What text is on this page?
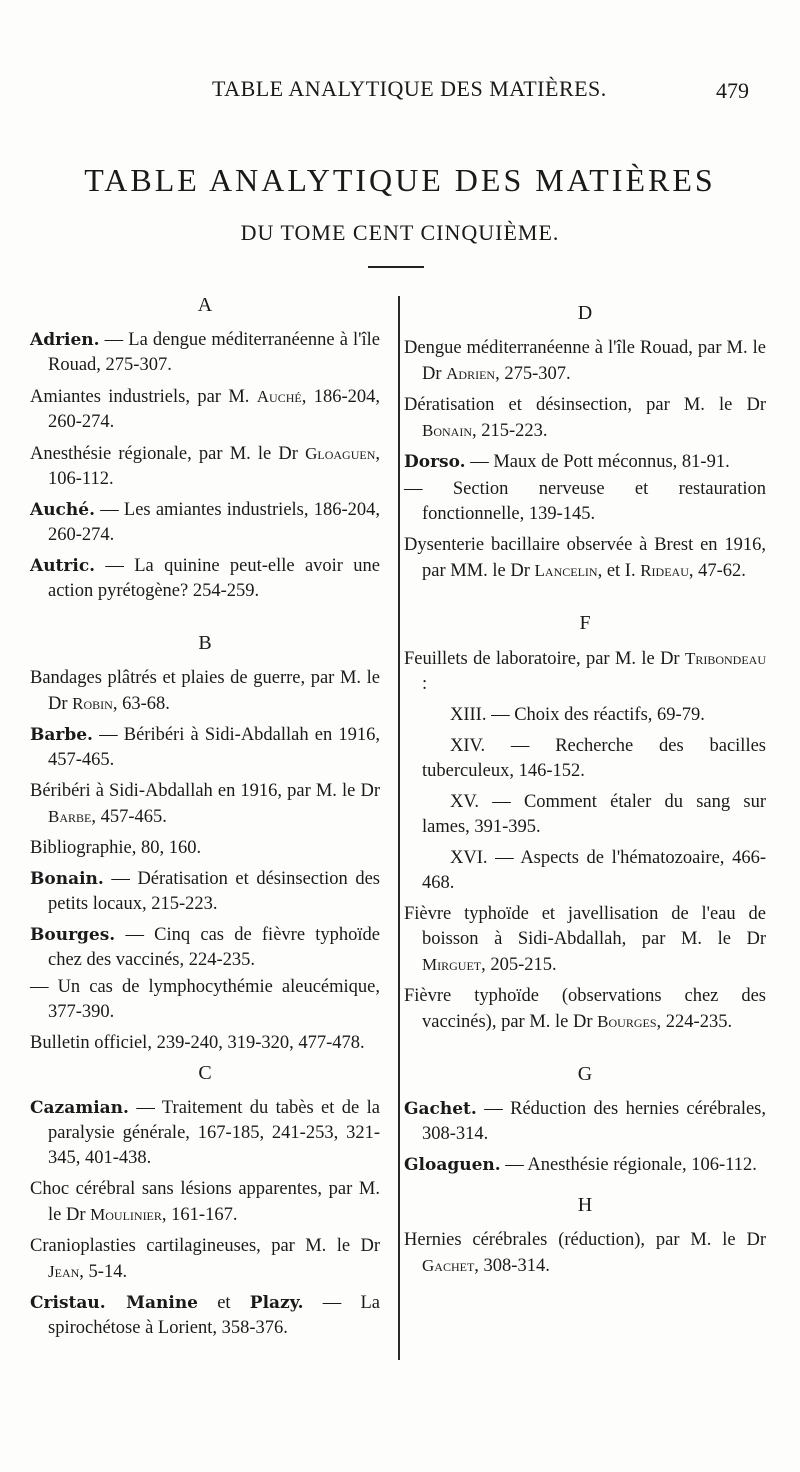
TABLE ANALYTIQUE DES MATIÈRES.	479
TABLE ANALYTIQUE DES MATIÈRES
DU TOME CENT CINQUIÈME.
A
Adrien. — La dengue méditerranéenne à l'île Rouad, 275-307.
Amiantes industriels, par M. Auché, 186-204, 260-274.
Anesthésie régionale, par M. le Dr Gloaguen, 106-112.
Auché. — Les amiantes industriels, 186-204, 260-274.
Autric. — La quinine peut-elle avoir une action pyrétogène? 254-259.
B
Bandages plâtrés et plaies de guerre, par M. le Dr Robin, 63-68.
Barbe. — Béribéri à Sidi-Abdallah en 1916, 457-465.
Béribéri à Sidi-Abdallah en 1916, par M. le Dr Barbe, 457-465.
Bibliographie, 80, 160.
Bonain. — Dératisation et désinsection des petits locaux, 215-223.
Bourges. — Cinq cas de fièvre typhoïde chez des vaccinés, 224-235.
— Un cas de lymphocythémie aleucémique, 377-390.
Bulletin officiel, 239-240, 319-320, 477-478.
C
Cazamian. — Traitement du tabès et de la paralysie générale, 167-185, 241-253, 321-345, 401-438.
Choc cérébral sans lésions apparentes, par M. le Dr Moulinier, 161-167.
Cranioplasties cartilagineuses, par M. le Dr Jean, 5-14.
Cristau. Manine et Plazy. — La spirochétose à Lorient, 358-376.
D
Dengue méditerranéenne à l'île Rouad, par M. le Dr Adrien, 275-307.
Dératisation et désinsection, par M. le Dr Bonain, 215-223.
Dorso. — Maux de Pott méconnus, 81-91.
— Section nerveuse et restauration fonctionnelle, 139-145.
Dysenterie bacillaire observée à Brest en 1916, par MM. le Dr Lancelin, et I. Rideau, 47-62.
F
Feuillets de laboratoire, par M. le Dr Tribondeau :
XIII. — Choix des réactifs, 69-79.
XIV. — Recherche des bacilles tuberculeux, 146-152.
XV. — Comment étaler du sang sur lames, 391-395.
XVI. — Aspects de l'hématozoaire, 466-468.
Fièvre typhoïde et javellisation de l'eau de boisson à Sidi-Abdallah, par M. le Dr Mirguet, 205-215.
Fièvre typhoïde (observations chez des vaccinés), par M. le Dr Bourges, 224-235.
G
Gachet. — Réduction des hernies cérébrales, 308-314.
Gloaguen. — Anesthésie régionale, 106-112.
H
Hernies cérébrales (réduction), par M. le Dr Gachet, 308-314.
